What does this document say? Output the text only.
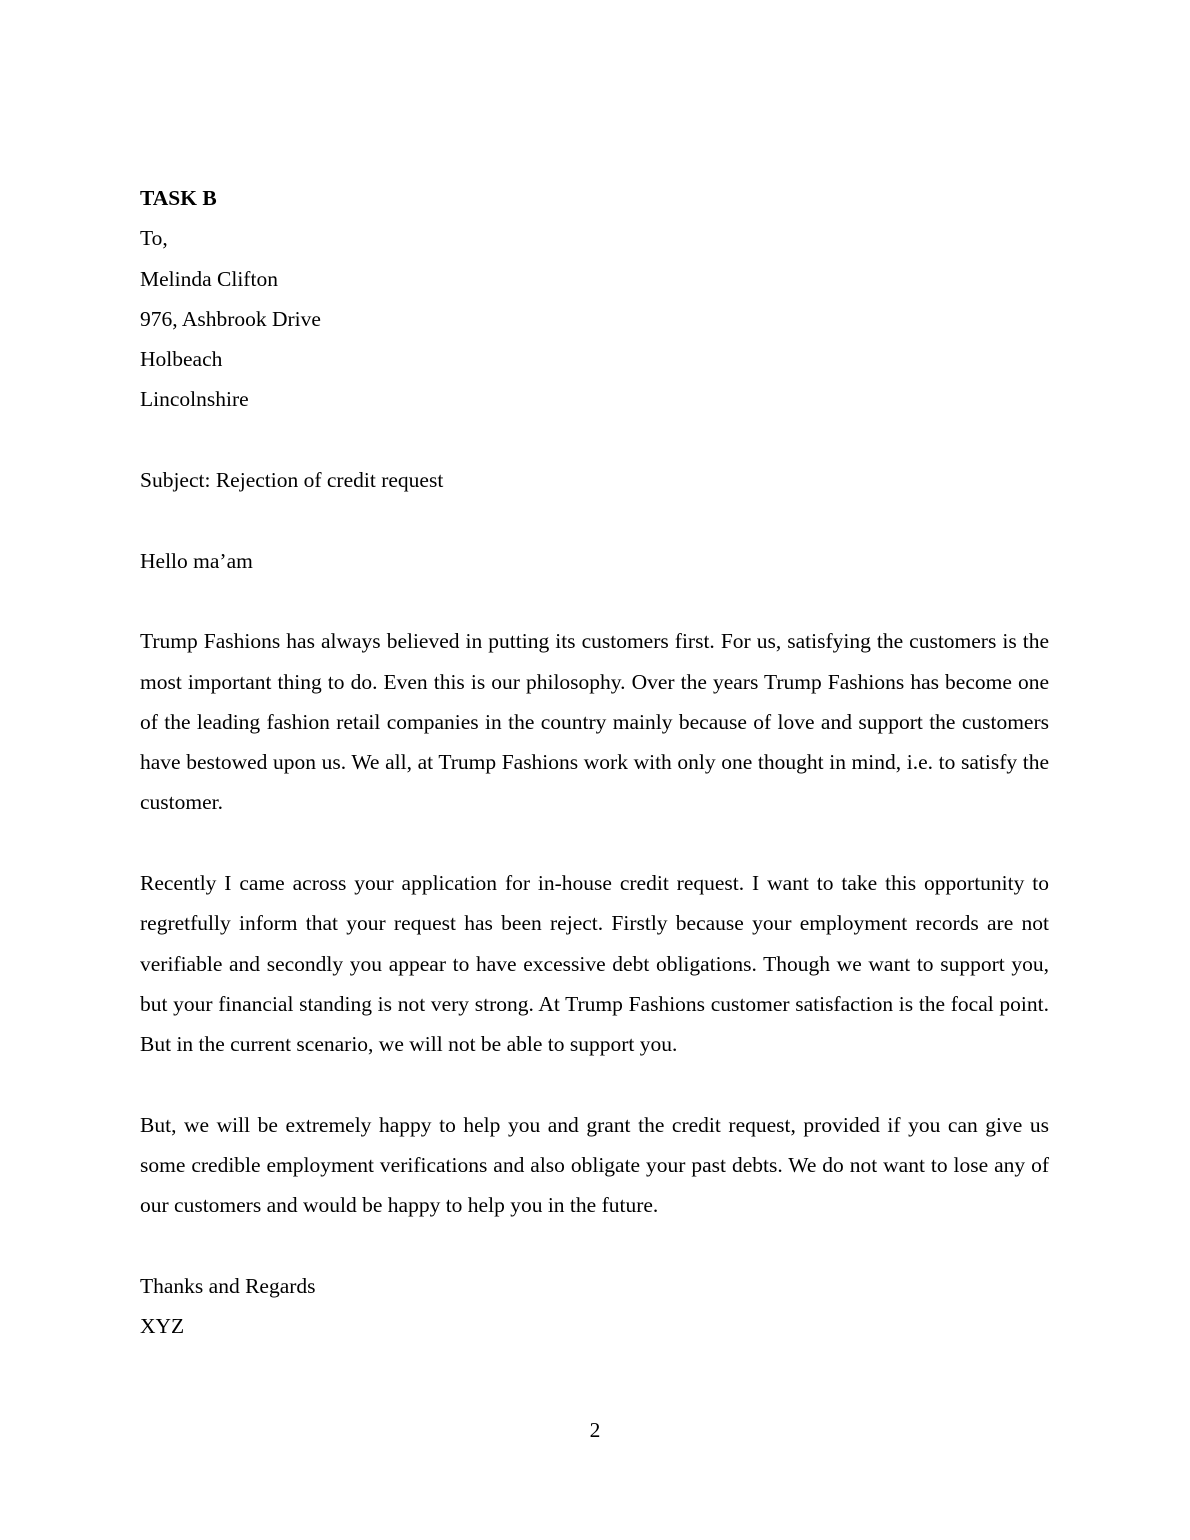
TASK B

To,

Melinda Clifton

976, Ashbrook Drive

Holbeach

Lincolnshire

Subject: Rejection of credit request

Hello ma’am

Trump Fashions has always believed in putting its customers first. For us, satisfying the customers is the most important thing to do. Even this is our philosophy. Over the years Trump Fashions has become one of the leading fashion retail companies in the country mainly because of love and support the customers have bestowed upon us. We all, at Trump Fashions work with only one thought in mind, i.e. to satisfy the customer.

Recently I came across your application for in-house credit request. I want to take this opportunity to regretfully inform that your request has been reject. Firstly because your employment records are not verifiable and secondly you appear to have excessive debt obligations. Though we want to support you, but your financial standing is not very strong. At Trump Fashions customer satisfaction is the focal point. But in the current scenario, we will not be able to support you.

But, we will be extremely happy to help you and grant the credit request, provided if you can give us some credible employment verifications and also obligate your past debts. We do not want to lose any of our customers and would be happy to help you in the future.

Thanks and Regards

XYZ

2
